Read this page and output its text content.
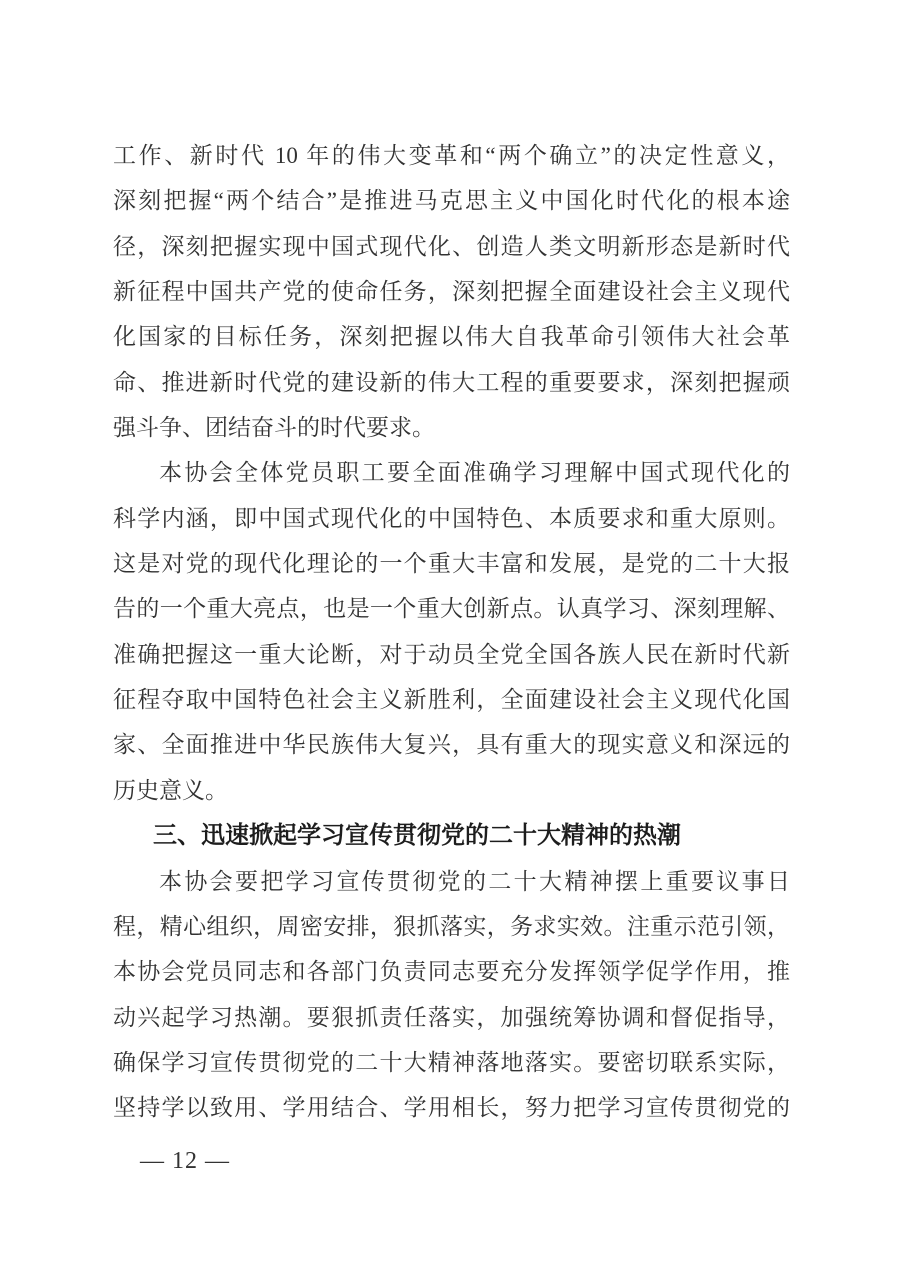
工作、新时代 10 年的伟大变革和“两个确立”的决定性意义，
深刻把握“两个结合”是推进马克思主义中国化时代化的根本途
径，深刻把握实现中国式现代化、创造人类文明新形态是新时代
新征程中国共产党的使命任务，深刻把握全面建设社会主义现代
化国家的目标任务，深刻把握以伟大自我革命引领伟大社会革
命、推进新时代党的建设新的伟大工程的重要要求，深刻把握顽
强斗争、团结奋斗的时代要求。
本协会全体党员职工要全面准确学习理解中国式现代化的
科学内涵，即中国式现代化的中国特色、本质要求和重大原则。
这是对党的现代化理论的一个重大丰富和发展，是党的二十大报
告的一个重大亮点，也是一个重大创新点。认真学习、深刻理解、
准确把握这一重大论断，对于动员全党全国各族人民在新时代新
征程夺取中国特色社会主义新胜利，全面建设社会主义现代化国
家、全面推进中华民族伟大复兴，具有重大的现实意义和深远的
历史意义。
三、迅速掀起学习宣传贯彻党的二十大精神的热潮
本协会要把学习宣传贯彻党的二十大精神摆上重要议事日
程，精心组织，周密安排，狠抓落实，务求实效。注重示范引领，
本协会党员同志和各部门负责同志要充分发挥领学促学作用，推
动兴起学习热潮。要狠抓责任落实，加强统筹协调和督促指导，
确保学习宣传贯彻党的二十大精神落地落实。要密切联系实际，
坚持学以致用、学用结合、学用相长，努力把学习宣传贯彻党的
— 12 —
